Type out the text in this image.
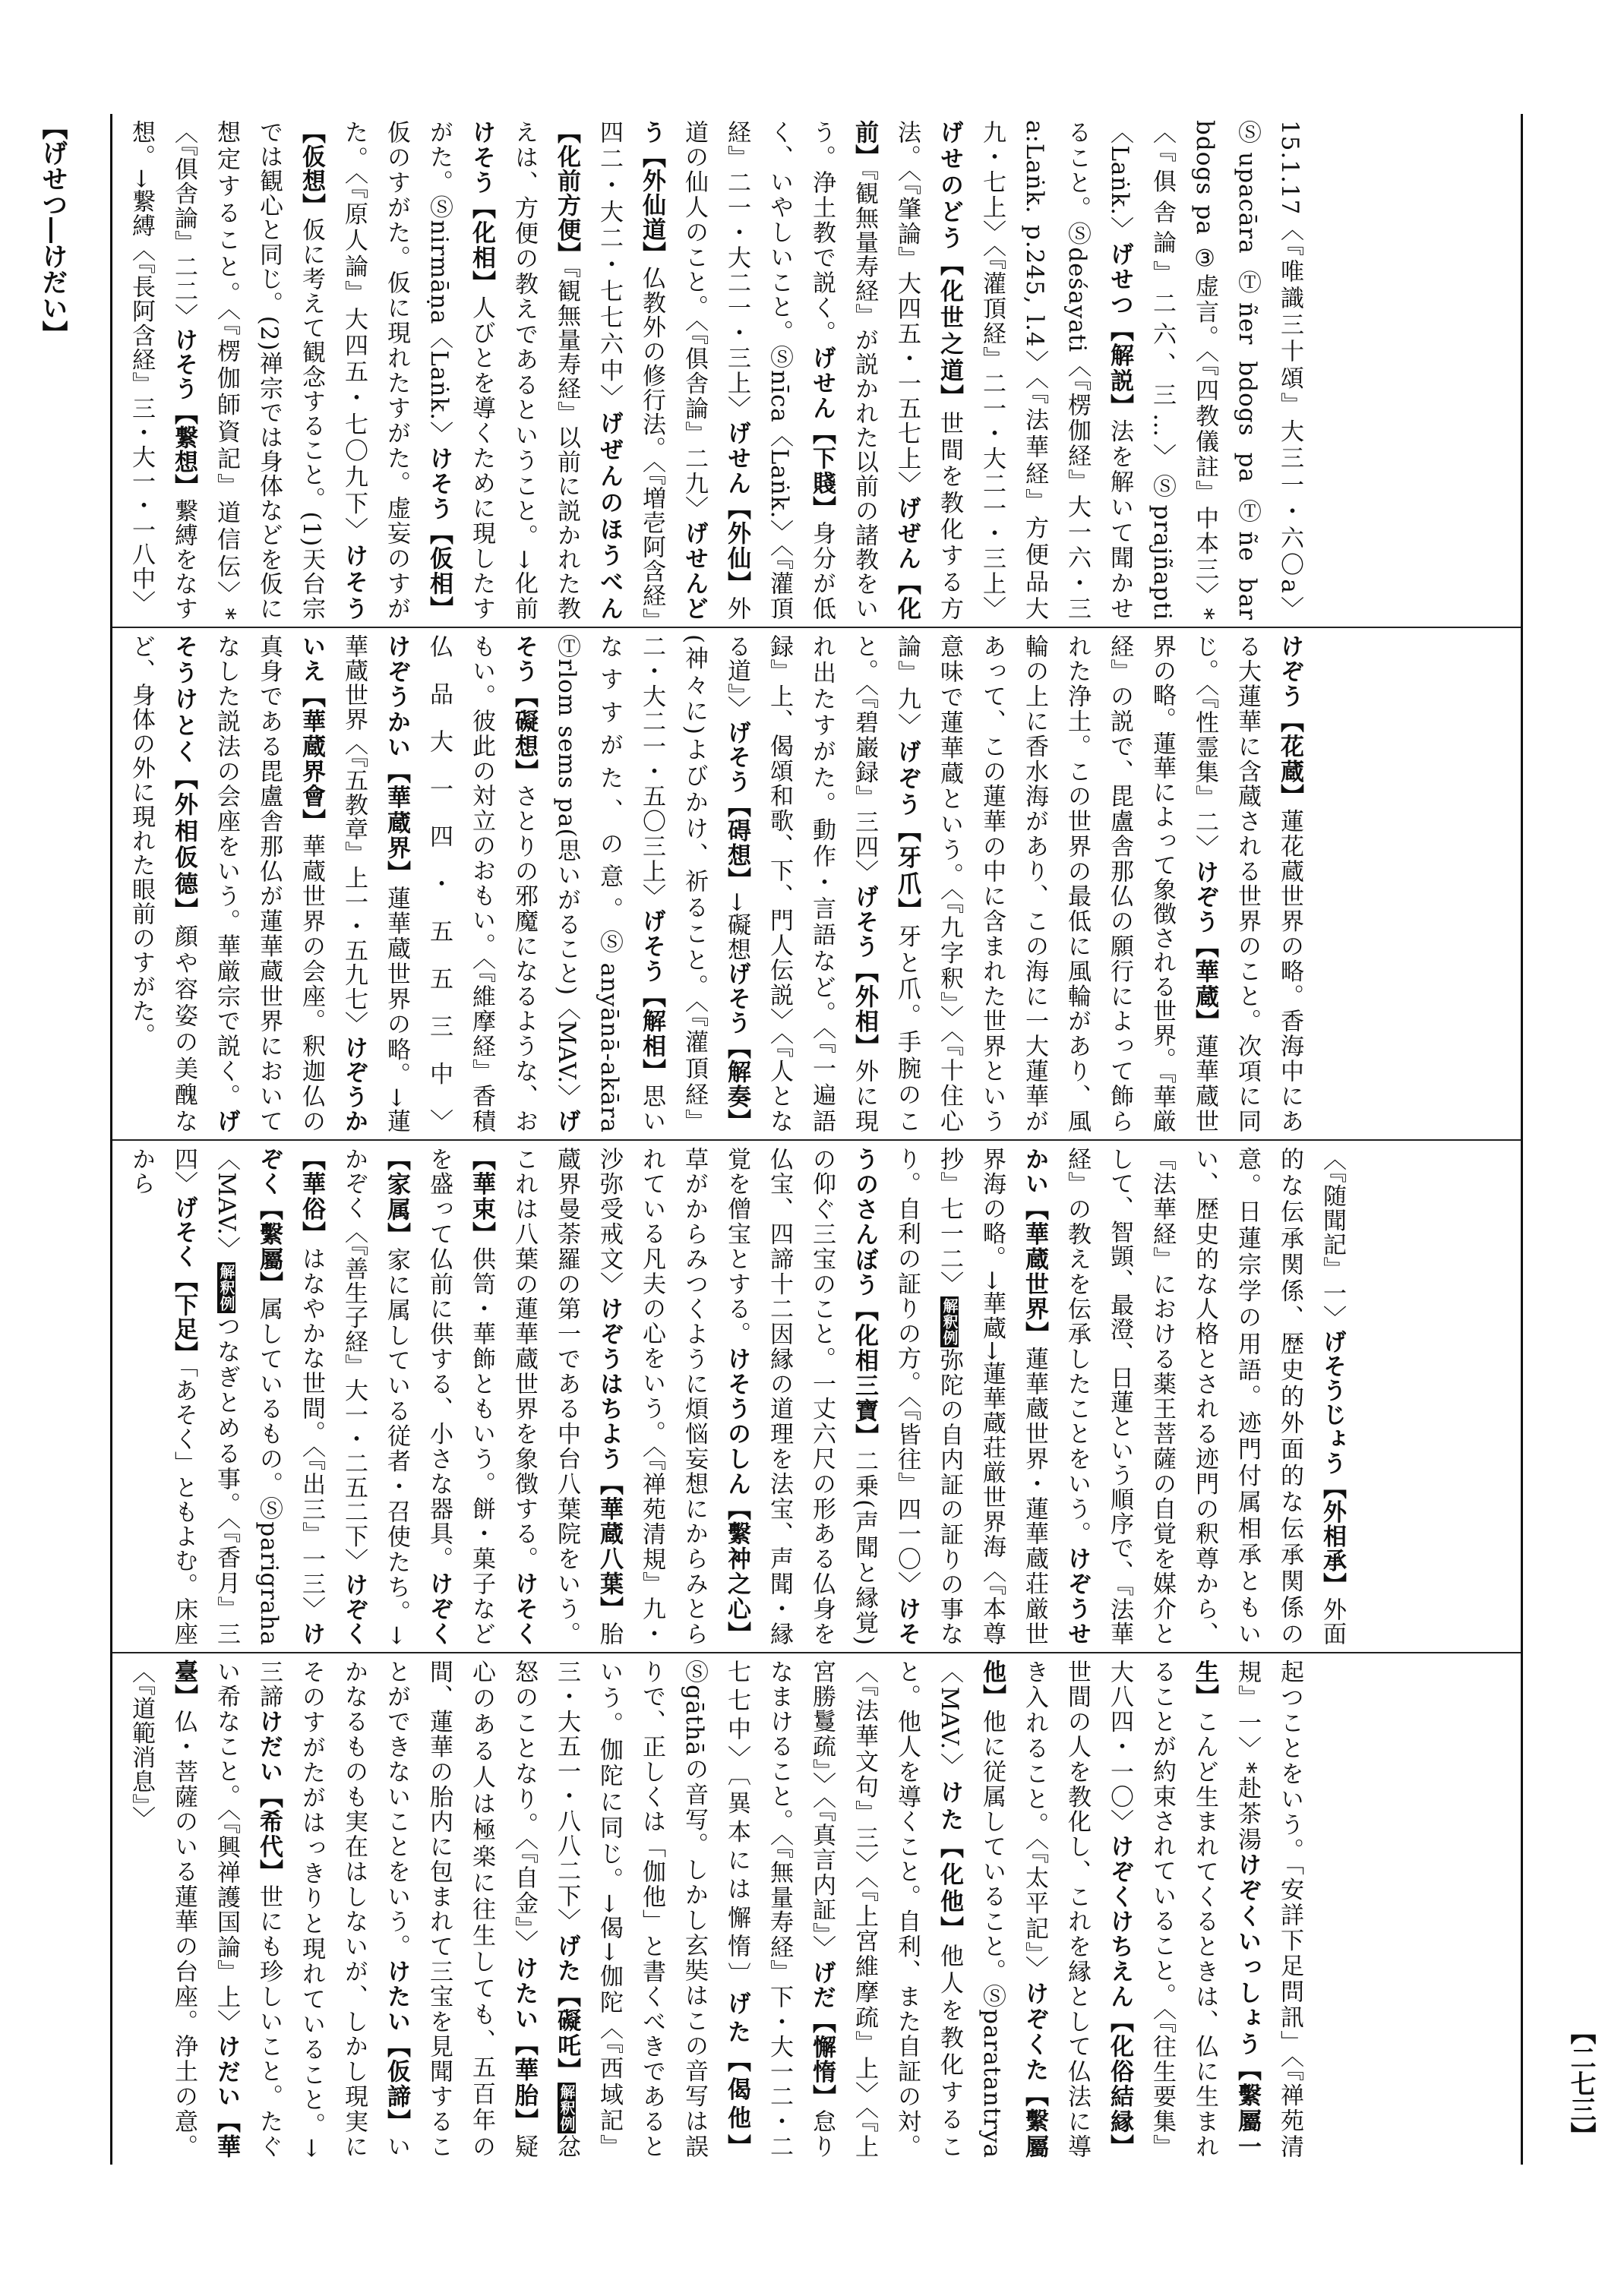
【げせつ―けだい】
【二七三】
15.1.17〈『唯識三十頌』大三一・六〇a〉Ⓢupacāra Ⓣñer bdogs pa Ⓣñe bar bdogs pa ③虚言。〈『四教儀註』中本三〉*〈『俱舎論』二六、三…〉Ⓢprajñapti〈Laṅk.〉げせつ【解説】法を解いて聞かせること。Ⓢdeśayati〈『楞伽経』大一六・三a:Laṅk. p.245, l.4〉〈『法華経』方便品大九・七上〉〈『灌頂経』二一・大二一・三上〉げせのどう【化世之道】世間を教化する方法。〈『肇論』大四五・一五七上〉げぜん【化前】『観無量寿経』が説かれた以前の諸教をいう。浄土教で説く。げせん【下賤】身分が低く、いやしいこと。Ⓢnīca〈Laṅk.〉〈『灌頂経』二一・大二一・三上〉げせん【外仙】外道の仙人のこと。〈『俱舎論』二九〉げせんどう【外仙道】仏教外の修行法。〈『増壱阿含経』四二・大二・七七六中〉げぜんのほうべん【化前方便】『観無量寿経』以前に説かれた教えは、方便の教えであるということ。→化前けそう【化相】人びとを導くために現したすがた。Ⓢnirmāṇa〈Laṅk.〉けそう【仮相】仮のすがた。仮に現れたすがた。虚妄のすがた。〈『原人論』大四五・七〇九下〉けそう【仮想】仮に考えて観念すること。(1)天台宗では観心と同じ。(2)禅宗では身体などを仮に想定すること。〈『楞伽師資記』道信伝〉*〈『俱舎論』二二〉けそう【繋想】繋縛をなす想。→繋縛〈『長阿含経』三・大一・一八中〉
けぞう【花蔵】蓮花蔵世界の略。香海中にある大蓮華に含蔵される世界のこと。次項に同じ。〈『性霊集』二〉けぞう【華蔵】蓮華蔵世界の略。蓮華によって象徴される世界。『華厳経』の説で、毘盧舎那仏の願行によって飾られた浄土。この世界の最低に風輪があり、風輪の上に香水海があり、この海に一大蓮華があって、この蓮華の中に含まれた世界という意味で蓮華蔵という。〈『九字釈』〉〈『十住心論』九〉げぞう【牙爪】牙と爪。手腕のこと。〈『碧巌録』三四〉げそう【外相】外に現れ出たすがた。動作・言語など。〈『一遍語録』上、偈頌和歌、下、門人伝説〉〈『人となる道』〉げそう【碍想】→礙想げそう【解奏】(神々に)よびかけ、祈ること。〈『灌頂経』二・大二一・五〇三上〉げそう【解相】思いなすすがた、の意。Ⓢanyānā-akāra Ⓣrlom sems pa(思いがること)〈MAV.〉げそう【礙想】さとりの邪魔になるような、おもい。彼此の対立のおもい。〈『維摩経』香積仏品大一四・五五三中〉けぞうかい【華蔵界】蓮華蔵世界の略。→蓮華蔵世界〈『五教章』上一・五九七〉けぞうかいえ【華蔵界會】華蔵世界の会座。釈迦仏の真身である毘盧舎那仏が蓮華蔵世界においてなした説法の会座をいう。華厳宗で説く。げそうけとく【外相仮德】顔や容姿の美醜など、身体の外に現れた眼前のすがた。
〈『随聞記』一〉げそうじょう【外相承】外面的な伝承関係、歴史的外面的な伝承関係の意。日蓮宗学の用語。迹門付属相承ともいい、歴史的な人格とされる迹門の釈尊から、『法華経』における薬王菩薩の自覚を媒介として、智顗、最澄、日蓮という順序で、『法華経』の教えを伝承したことをいう。けぞうせかい【華蔵世界】蓮華蔵世界・蓮華蔵荘厳世界海の略。→華蔵→蓮華蔵荘厳世界海〈『本尊抄』七一二〉解釈例弥陀の自内証の証りの事なり。自利の証りの方。〈『皆往』四一〇〉けそうのさんぼう【化相三寶】二乗(声聞と縁覚)の仰ぐ三宝のこと。一丈六尺の形ある仏身を仏宝、四諦十二因縁の道理を法宝、声聞・縁覚を僧宝とする。けそうのしん【繫衶之心】草がからみつくように煩悩妄想にからみとられている凡夫の心をいう。〈『禅苑清規』九・沙弥受戒文〉けぞうはちよう【華蔵八葉】胎蔵界曼荼羅の第一である中台八葉院をいう。これは八葉の蓮華蔵世界を象徴する。けそく【華束】供笥・華飾ともいう。餅・菓子などを盛って仏前に供する、小さな器具。けぞく【家属】家に属している従者・召使たち。→かぞく〈『善生子経』大一・二五二下〉けぞく【華俗】はなやかな世間。〈『出三』一三〉けぞく【繫屬】属しているもの。Ⓢparigraha〈MAV.〉解釈例つなぎとめる事。〈『香月』三四〉げそく【下足】「あそく」ともよむ。床座から
起つことをいう。「安詳下足問訊」〈『禅苑清規』一〉*赴茶湯けぞくいっしょう【繫屬一生】こんど生まれてくるときは、仏に生まれることが約束されていること。〈『往生要集』大八四・一〇〉けぞくけちえん【化俗結縁】世間の人を教化し、これを縁として仏法に導き入れること。〈『太平記』〉けぞくた【繫屬他】他に従属していること。Ⓢparatantrya〈MAV.〉けた【化他】他人を教化すること。他人を導くこと。自利、また自証の対。〈『法華文句』三〉〈『上宮維摩疏』上〉〈『上宮勝鬘疏』〉〈『真言内証』〉げだ【懈惰】怠りなまけること。〈『無量寿経』下・大一二・二七七中〉〔異本には懈惰〕げた【偈他】Ⓢgāthāの音写。しかし玄奘はこの音写は誤りで、正しくは「伽他」と書くべきであるという。伽陀に同じ。→偈→伽陀〈『西域記』三・大五一・八八二下〉げた【礙吒】解釈例忿怒のことなり。〈『自金』〉けたい【華胎】疑心のある人は極楽に往生しても、五百年の間、蓮華の胎内に包まれて三宝を見聞することができないことをいう。けたい【仮諦】いかなるものも実在はしないが、しかし現実にそのすがたがはっきりと現れていること。→三諦けだい【希代】世にも珍しいこと。たぐい希なこと。〈『興禅護国論』上〉けだい【華臺】仏・菩薩のいる蓮華の台座。浄土の意。〈『道範消息』〉
